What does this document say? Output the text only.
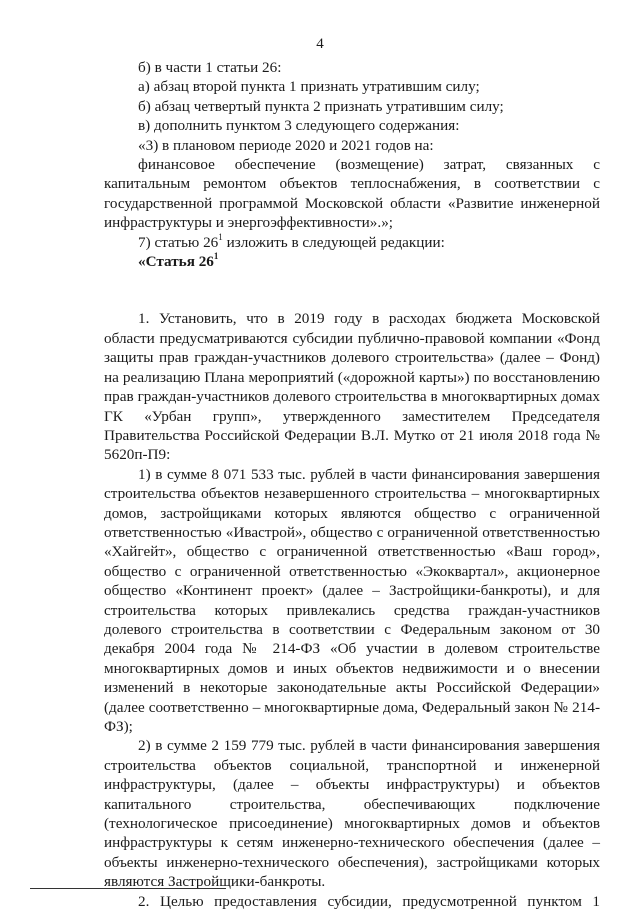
4

б) в части 1 статьи 26:

а) абзац второй пункта 1 признать утратившим силу;

б) абзац четвертый пункта 2 признать утратившим силу;

в) дополнить пунктом 3 следующего содержания:

«3) в плановом периоде 2020 и 2021 годов на:

финансовое обеспечение (возмещение) затрат, связанных с капитальным ремонтом объектов теплоснабжения, в соответствии с государственной программой Московской области «Развитие инженерной инфраструктуры и энергоэффективности».»;

7) статью $26^1$ изложить в следующей редакции:

«Статья $26^1$

1. Установить, что в 2019 году в расходах бюджета Московской области предусматриваются субсидии публично-правовой компании «Фонд защиты прав граждан-участников долевого строительства» (далее – Фонд) на реализацию Плана мероприятий («дорожной карты») по восстановлению прав граждан-участников долевого строительства в многоквартирных домах ГК «Урбан групп», утвержденного заместителем Председателя Правительства Российской Федерации В.Л. Мутко от 21 июля 2018 года № 5620п-П9:

1) в сумме 8 071 533 тыс. рублей в части финансирования завершения строительства объектов незавершенного строительства – многоквартирных домов, застройщиками которых являются общество с ограниченной ответственностью «Ивастрой», общество с ограниченной ответственностью «Хайгейт», общество с ограниченной ответственностью «Ваш город», общество с ограниченной ответственностью «Экоквартал», акционерное общество «Континент проект» (далее – Застройщики-банкроты), и для строительства которых привлекались средства граждан-участников долевого строительства в соответствии с Федеральным законом от 30 декабря 2004 года № 214-ФЗ «Об участии в долевом строительстве многоквартирных домов и иных объектов недвижимости и о внесении изменений в некоторые законодательные акты Российской Федерации» (далее соответственно – многоквартирные дома, Федеральный закон № 214-ФЗ);

2) в сумме 2 159 779 тыс. рублей в части финансирования завершения строительства объектов социальной, транспортной и инженерной инфраструктуры, (далее – объекты инфраструктуры) и объектов капитального строительства, обеспечивающих подключение (технологическое присоединение) многоквартирных домов и объектов инфраструктуры к сетям инженерно-технического обеспечения (далее – объекты инженерно-технического обеспечения), застройщиками которых являются Застройщики-банкроты.

2. Целью предоставления субсидии, предусмотренной пунктом 1
